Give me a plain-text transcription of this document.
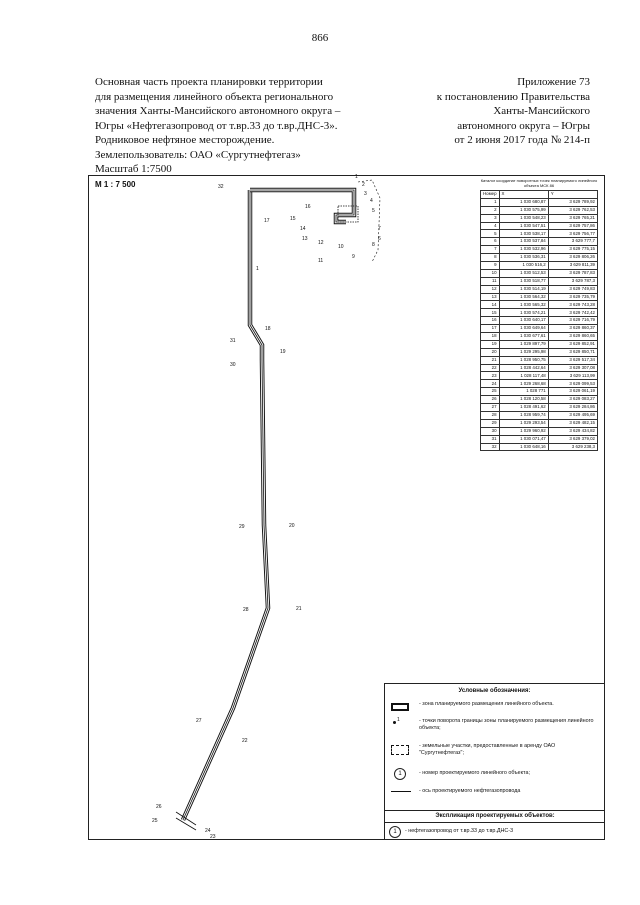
866
Основная часть проекта планировки территории
для размещения линейного объекта регионального
значения Ханты-Мансийского автономного округа –
Югры «Нефтегазопровод от т.вр.33 до т.вр.ДНС-3».
Родниковое нефтяное месторождение.
Землепользователь: ОАО «Сургутнефтегаз»
Масштаб 1:7500
Приложение 73
к постановлению Правительства
Ханты-Мансийского
автономного округа – Югры
от 2 июня 2017 года № 214-п
М 1 : 7 500
1
2
3
4
5
6
7
8
9
10
11
12
13
14
15
16
17
18
19
20
21
22
23
24
25
26
27
28
29
30
31
32
1
Каталог координат поворотных точек планируемого линейного объекта МСК 86
Номер	X	Y
1	1 030 680,87	3 629 789,92
2	1 030 575,99	3 629 762,53
3	1 030 548,23	3 629 765,21
4	1 030 547,51	3 629 757,86
5	1 030 538,17	3 629 756,77
6	1 030 537,84	3 629 777,7
7	1 030 532,96	3 629 775,15
8	1 030 536,31	3 629 806,26
9	1 030 516,2	3 629 811,39
10	1 030 512,53	3 629 787,83
11	1 030 518,77	3 629 787,3
12	1 030 514,19	3 629 749,83
13	1 030 564,32	3 629 735,79
14	1 030 565,32	3 629 743,28
15	1 030 574,21	3 629 742,42
16	1 030 640,17	3 629 716,79
17	1 030 649,64	3 629 860,37
18	1 030 677,61	3 629 860,65
19	1 029 897,79	3 629 852,91
20	1 029 295,98	3 629 850,71
21	1 028 950,75	3 629 517,34
22	1 028 442,64	3 629 307,08
23	1 028 117,48	3 629 113,99
24	1 029 268,68	3 629 099,53
25	1 028 771	3 629 061,19
26	1 028 120,58	3 629 083,27
27	1 028 491,62	3 629 284,86
28	1 028 959,74	3 629 495,69
29	1 029 293,54	3 629 482,15
30	1 029 960,92	3 629 434,82
31	1 030 071,47	3 629 379,02
32	1 030 648,16	3 629 238,3
Условные обозначения:
- зона планируемого размещения линейного объекта.
1	- точки поворота границы зоны планируемого размещения линейного объекта;
- земельные участки, предоставленные в аренду ОАО "Сургутнефтегаз";
1	- номер проектируемого линейного объекта;
- ось проектируемого нефтегазопровода
Экспликация проектируемых объектов:
1	- нефтегазопровод от т.вр.33 до т.вр.ДНС-3
